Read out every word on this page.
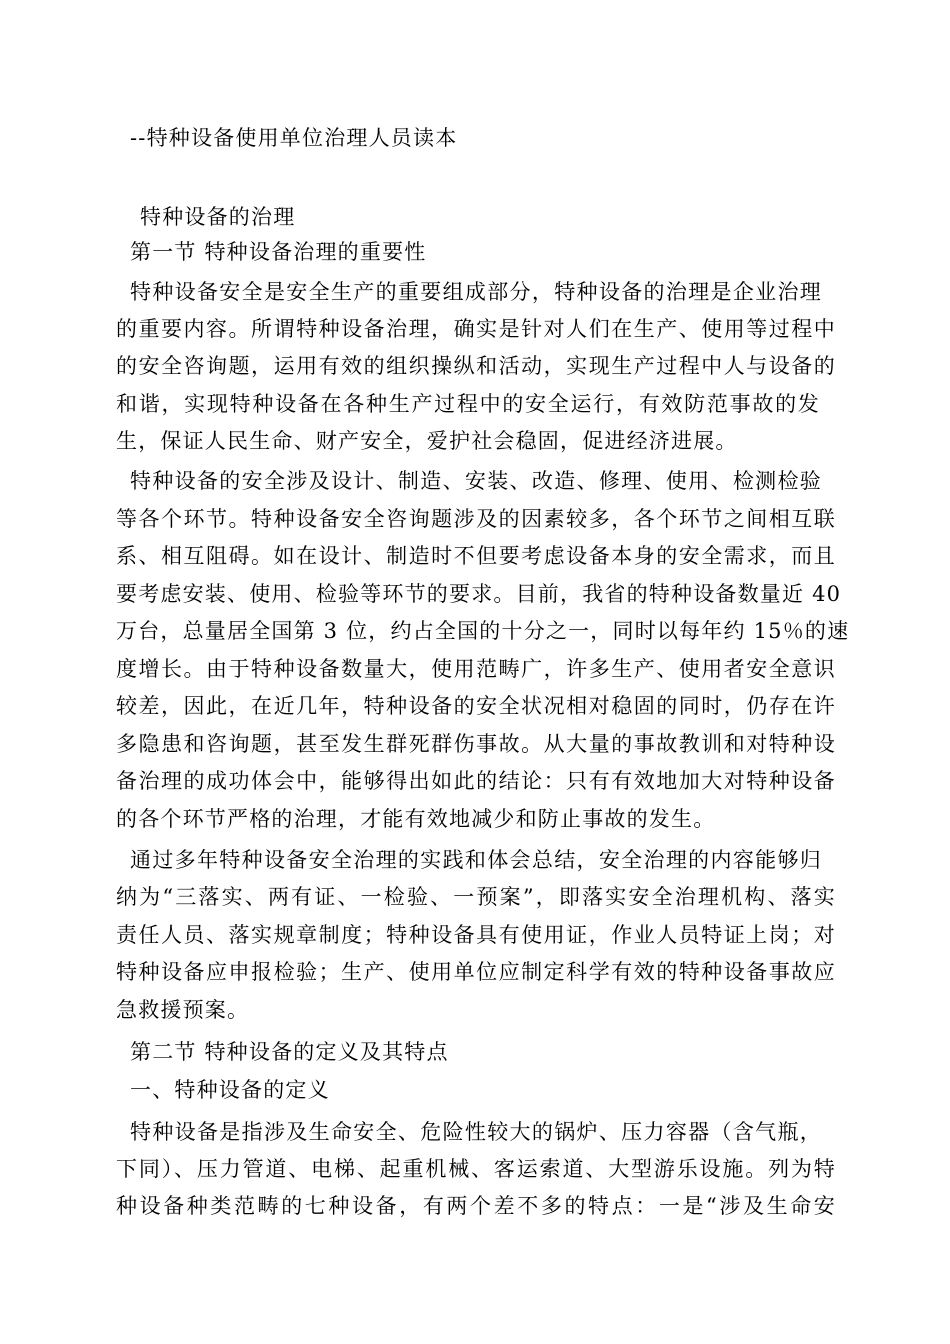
--特种设备使用单位治理人员读本
特种设备的治理
第一节 特种设备治理的重要性
特种设备安全是安全生产的重要组成部分，特种设备的治理是企业治理
的重要内容。所谓特种设备治理，确实是针对人们在生产、使用等过程中
的安全咨询题，运用有效的组织操纵和活动，实现生产过程中人与设备的
和谐，实现特种设备在各种生产过程中的安全运行，有效防范事故的发
生，保证人民生命、财产安全，爱护社会稳固，促进经济进展。
特种设备的安全涉及设计、制造、安装、改造、修理、使用、检测检验
等各个环节。特种设备安全咨询题涉及的因素较多，各个环节之间相互联
系、相互阻碍。如在设计、制造时不但要考虑设备本身的安全需求，而且
要考虑安装、使用、检验等环节的要求。目前，我省的特种设备数量近 40
万台，总量居全国第 3 位，约占全国的十分之一，同时以每年约 15％的速
度增长。由于特种设备数量大，使用范畴广，许多生产、使用者安全意识
较差，因此，在近几年，特种设备的安全状况相对稳固的同时，仍存在许
多隐患和咨询题，甚至发生群死群伤事故。从大量的事故教训和对特种设
备治理的成功体会中，能够得出如此的结论：只有有效地加大对特种设备
的各个环节严格的治理，才能有效地减少和防止事故的发生。
通过多年特种设备安全治理的实践和体会总结，安全治理的内容能够归
纳为“三落实、两有证、一检验、一预案”，即落实安全治理机构、落实
责任人员、落实规章制度；特种设备具有使用证，作业人员特证上岗；对
特种设备应申报检验；生产、使用单位应制定科学有效的特种设备事故应
急救援预案。
第二节 特种设备的定义及其特点
一、特种设备的定义
特种设备是指涉及生命安全、危险性较大的锅炉、压力容器（含气瓶，
下同）、压力管道、电梯、起重机械、客运索道、大型游乐设施。列为特
种设备种类范畴的七种设备，有两个差不多的特点：一是“涉及生命安
